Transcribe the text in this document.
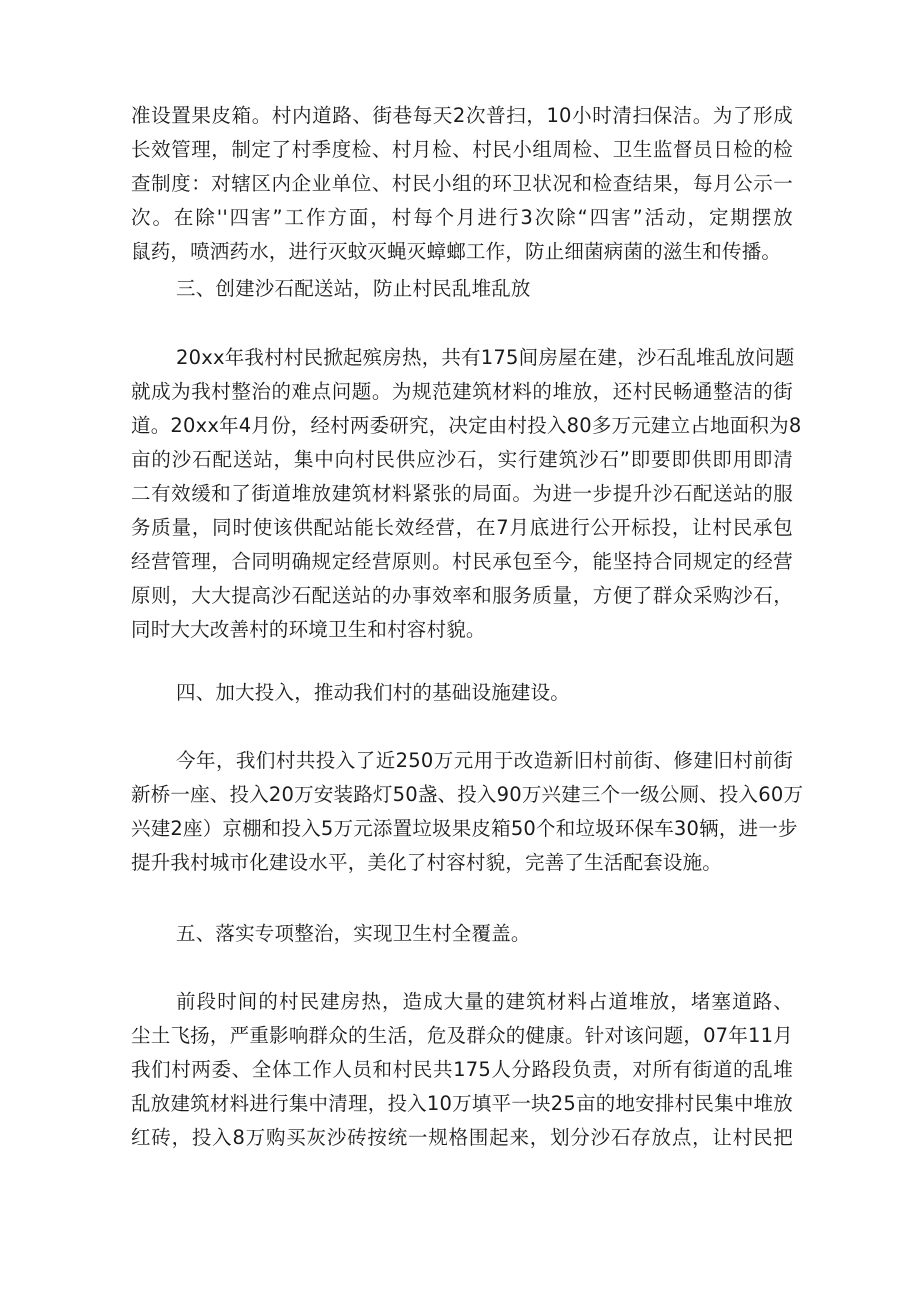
准设置果皮箱。村内道路、街巷每天2次普扫，10小时清扫保洁。为了形成
长效管理，制定了村季度检、村月检、村民小组周检、卫生监督员日检的检
查制度：对辖区内企业单位、村民小组的环卫状况和检查结果，每月公示一
次。在除''四害”工作方面，村每个月进行3次除“四害”活动，定期摆放
鼠药，喷洒药水，进行灭蚊灭蝇灭蟑螂工作，防止细菌病菌的滋生和传播。
三、创建沙石配送站，防止村民乱堆乱放
20xx年我村村民掀起殡房热，共有175间房屋在建，沙石乱堆乱放问题
就成为我村整治的难点问题。为规范建筑材料的堆放，还村民畅通整洁的街
道。20xx年4月份，经村两委研究，决定由村投入80多万元建立占地面积为8
亩的沙石配送站，集中向村民供应沙石，实行建筑沙石”即要即供即用即清
二有效缓和了街道堆放建筑材料紧张的局面。为进一步提升沙石配送站的服
务质量，同时使该供配站能长效经营，在7月底进行公开标投，让村民承包
经营管理，合同明确规定经营原则。村民承包至今，能坚持合同规定的经营
原则，大大提高沙石配送站的办事效率和服务质量，方便了群众采购沙石，
同时大大改善村的环境卫生和村容村貌。
四、加大投入，推动我们村的基础设施建设。
今年，我们村共投入了近250万元用于改造新旧村前街、修建旧村前街
新桥一座、投入20万安装路灯50盏、投入90万兴建三个一级公厕、投入60万
兴建2座）京棚和投入5万元添置垃圾果皮箱50个和垃圾环保车30辆，进一步
提升我村城市化建设水平，美化了村容村貌，完善了生活配套设施。
五、落实专项整治，实现卫生村全覆盖。
前段时间的村民建房热，造成大量的建筑材料占道堆放，堵塞道路、
尘土飞扬，严重影响群众的生活，危及群众的健康。针对该问题，07年11月
我们村两委、全体工作人员和村民共175人分路段负责，对所有街道的乱堆
乱放建筑材料进行集中清理，投入10万填平一块25亩的地安排村民集中堆放
红砖，投入8万购买灰沙砖按统一规格围起来，划分沙石存放点，让村民把
